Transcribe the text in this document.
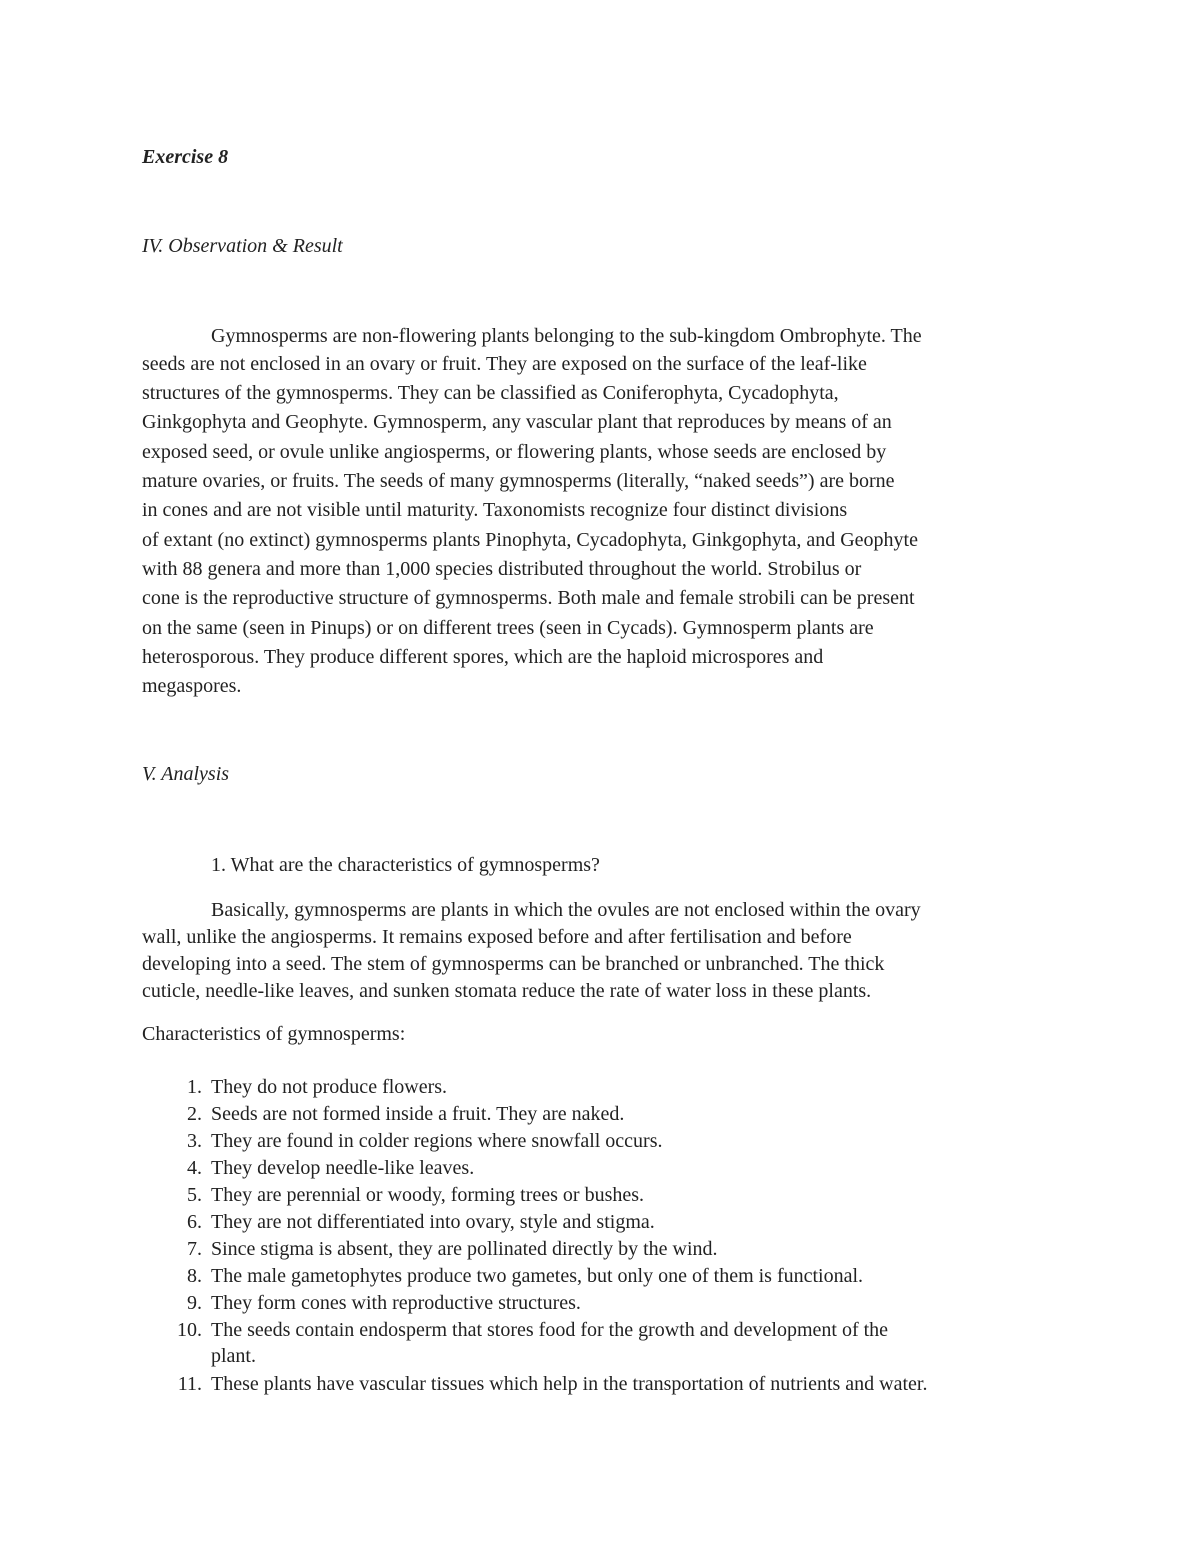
Exercise 8
IV. Observation & Result
Gymnosperms are non-flowering plants belonging to the sub-kingdom Ombrophyte. The
seeds are not enclosed in an ovary or fruit. They are exposed on the surface of the leaf-like
structures of the gymnosperms. They can be classified as Coniferophyta, Cycadophyta,
Ginkgophyta and Geophyte. Gymnosperm, any vascular plant that reproduces by means of an
exposed seed, or ovule unlike angiosperms, or flowering plants, whose seeds are enclosed by
mature ovaries, or fruits. The seeds of many gymnosperms (literally, “naked seeds”) are borne
in cones and are not visible until maturity. Taxonomists recognize four distinct divisions
of extant (no extinct) gymnosperms plants Pinophyta, Cycadophyta, Ginkgophyta, and Geophyte
with 88 genera and more than 1,000 species distributed throughout the world. Strobilus or
cone is the reproductive structure of gymnosperms. Both male and female strobili can be present
on the same (seen in Pinups) or on different trees (seen in Cycads). Gymnosperm plants are
heterosporous. They produce different spores, which are the haploid microspores and
megaspores.
V. Analysis
1. What are the characteristics of gymnosperms?
Basically, gymnosperms are plants in which the ovules are not enclosed within the ovary
wall, unlike the angiosperms. It remains exposed before and after fertilisation and before
developing into a seed. The stem of gymnosperms can be branched or unbranched. The thick
cuticle, needle-like leaves, and sunken stomata reduce the rate of water loss in these plants.
Characteristics of gymnosperms:
1. They do not produce flowers.
2. Seeds are not formed inside a fruit. They are naked.
3. They are found in colder regions where snowfall occurs.
4. They develop needle-like leaves.
5. They are perennial or woody, forming trees or bushes.
6. They are not differentiated into ovary, style and stigma.
7. Since stigma is absent, they are pollinated directly by the wind.
8. The male gametophytes produce two gametes, but only one of them is functional.
9. They form cones with reproductive structures.
10. The seeds contain endosperm that stores food for the growth and development of the
plant.
11. These plants have vascular tissues which help in the transportation of nutrients and water.
